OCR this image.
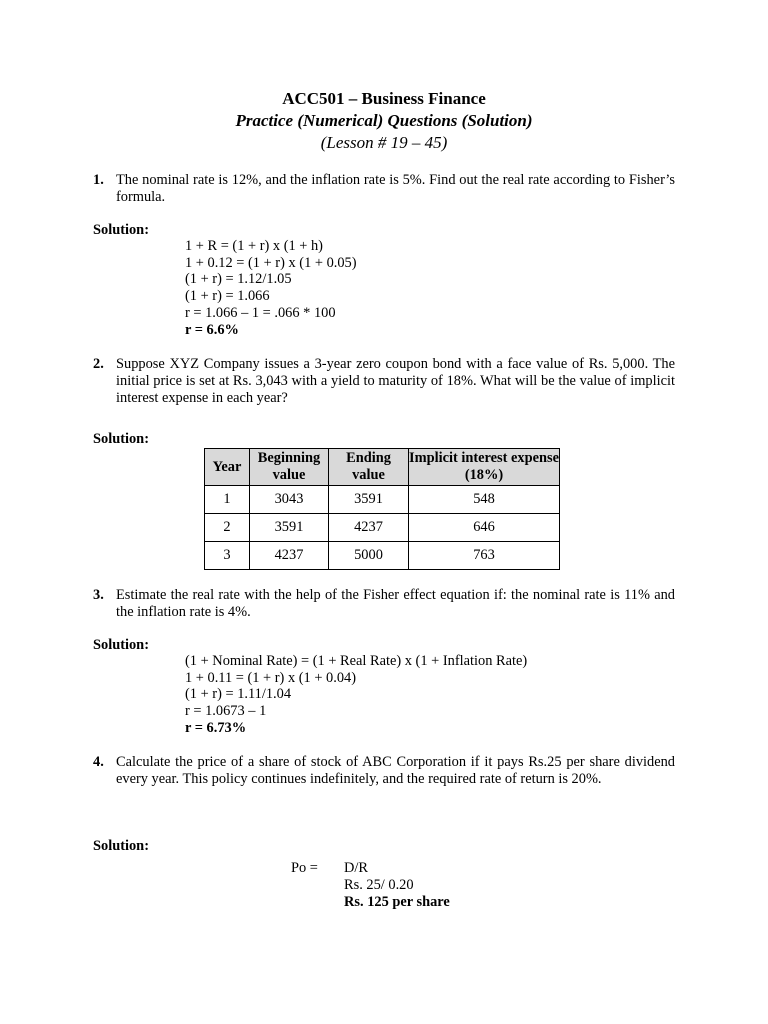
ACC501 – Business Finance
Practice (Numerical) Questions (Solution)
(Lesson # 19 – 45)
1. The nominal rate is 12%, and the inflation rate is 5%. Find out the real rate according to Fisher’s formula.
Solution:
1 + R = (1 + r) x (1 + h)
1 + 0.12 = (1 + r) x (1 + 0.05)
(1 + r) = 1.12/1.05
(1 + r) = 1.066
r = 1.066 – 1 = .066 * 100
r = 6.6%
2. Suppose XYZ Company issues a 3-year zero coupon bond with a face value of Rs. 5,000. The initial price is set at Rs. 3,043 with a yield to maturity of 18%. What will be the value of implicit interest expense in each year?
Solution:
Year	Beginning value	Ending value	Implicit interest expense (18%)
1	3043	3591	548
2	3591	4237	646
3	4237	5000	763
3. Estimate the real rate with the help of the Fisher effect equation if: the nominal rate is 11% and the inflation rate is 4%.
Solution:
(1 + Nominal Rate) = (1 + Real Rate) x (1 + Inflation Rate)
1 + 0.11 = (1 + r) x (1 + 0.04)
(1 + r) = 1.11/1.04
r = 1.0673 – 1
r = 6.73%
4. Calculate the price of a share of stock of ABC Corporation if it pays Rs.25 per share dividend every year. This policy continues indefinitely, and the required rate of return is 20%.
Solution:
Po = D/R
Rs. 25/ 0.20
Rs. 125 per share
